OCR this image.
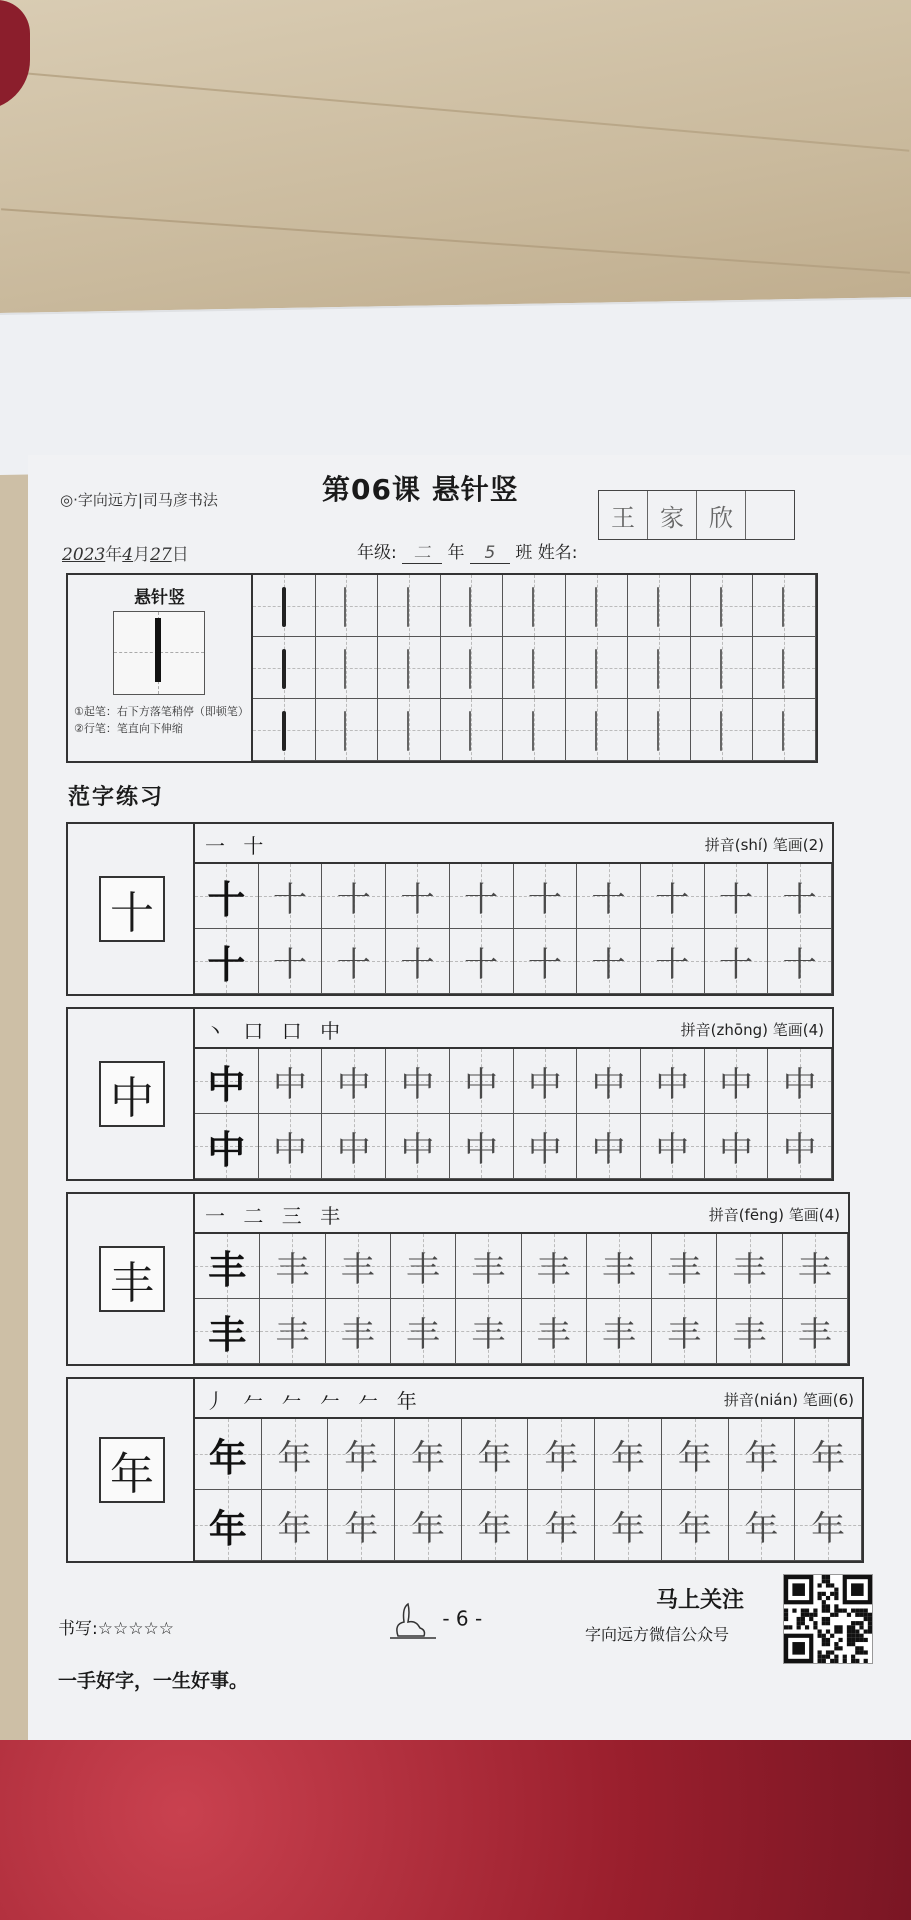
◎·字向远方|司马彦书法	第06课 悬针竖
2023年4月27日	年级: 二 年 5 班 姓名:
王	家	欣
悬针竖
①起笔：右下方落笔稍停（即顿笔）
②行笔：笔直向下伸缩
范字练习
十
一 十	拼音(shí) 笔画(2)
十 十 十 十 十 十 十 十 十 十
十 十 十 十 十 十 十 十 十 十
中
丶 口 口 中	拼音(zhōng) 笔画(4)
中 中 中 中 中 中 中 中 中 中
中 中 中 中 中 中 中 中 中 中
丰
一 二 三 丰	拼音(fēng) 笔画(4)
丰 丰 丰 丰 丰 丰 丰 丰 丰 丰
丰 丰 丰 丰 丰 丰 丰 丰 丰 丰
年
丿 𠂉 𠂉 𠂉 𠂉 年	拼音(nián) 笔画(6)
年 年 年 年 年 年 年 年 年 年
年 年 年 年 年 年 年 年 年 年
书写:☆☆☆☆☆
一手好字，一生好事。
- 6 -
马上关注
字向远方微信公众号
